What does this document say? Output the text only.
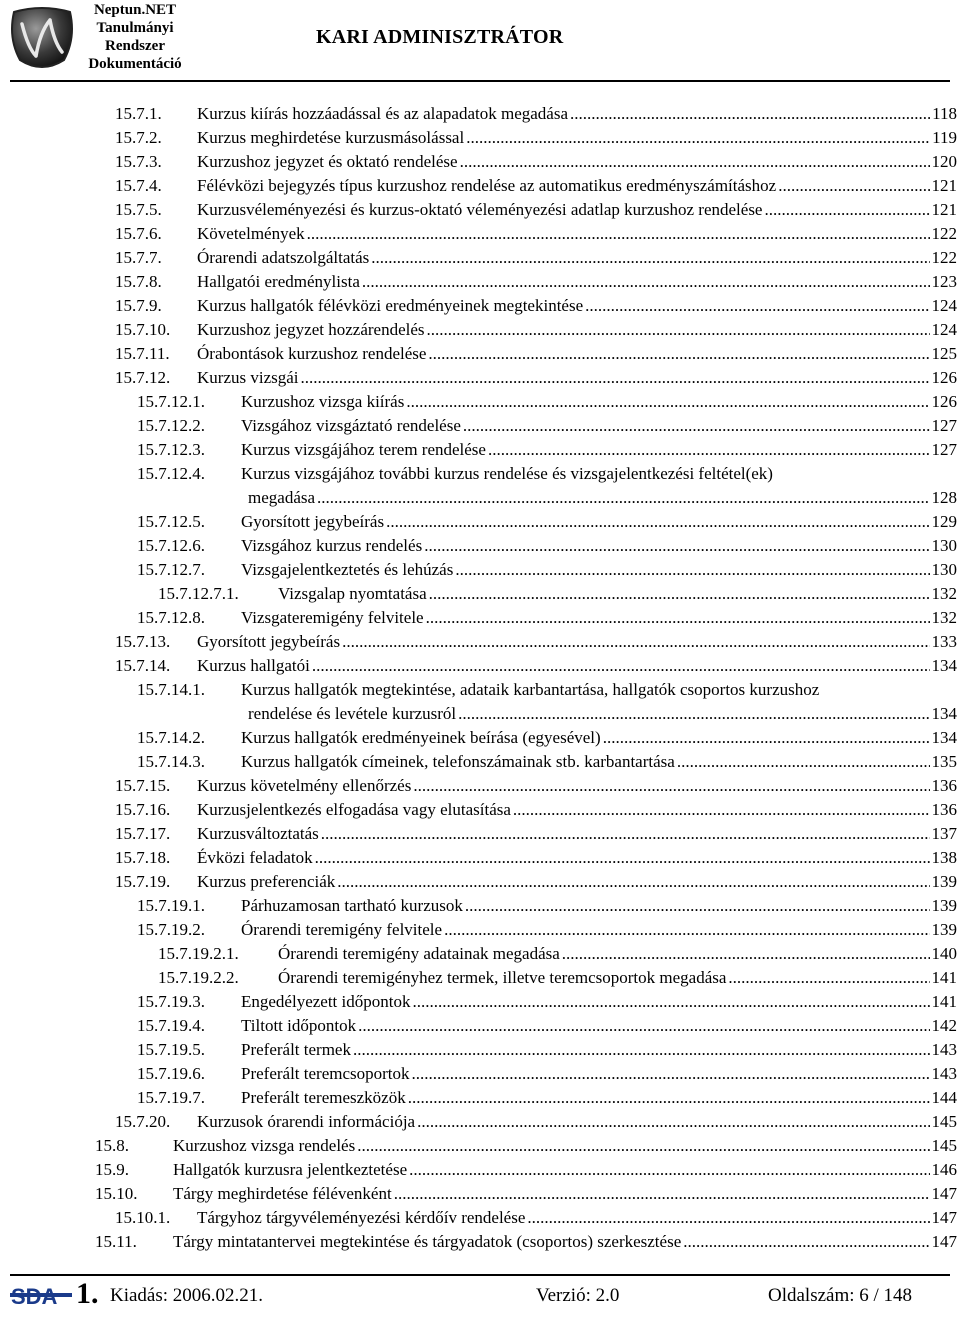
Neptun.NET
Tanulmányi
Rendszer
Dokumentáció
KARI ADMINISZTRÁTOR
15.7.1. Kurzus kiírás hozzáadással és az alapadatok megadása .....	118
15.7.2. Kurzus meghirdetése kurzusmásolással .....	119
15.7.3. Kurzushoz jegyzet és oktató rendelése .....	120
15.7.4. Félévközi bejegyzés típus kurzushoz rendelése az automatikus eredményszámításhoz .....	121
15.7.5. Kurzusvéleményezési és kurzus-oktató véleményezési adatlap kurzushoz rendelése .....	121
15.7.6. Követelmények .....	122
15.7.7. Órarendi adatszolgáltatás .....	122
15.7.8. Hallgatói eredménylista .....	123
15.7.9. Kurzus hallgatók félévközi eredményeinek megtekintése .....	124
15.7.10. Kurzushoz jegyzet hozzárendelés .....	124
15.7.11. Órabontások kurzushoz rendelése .....	125
15.7.12. Kurzus vizsgái .....	126
15.7.12.1. Kurzushoz vizsga kiírás .....	126
15.7.12.2. Vizsgához vizsgáztató rendelése .....	127
15.7.12.3. Kurzus vizsgájához terem rendelése .....	127
15.7.12.4. Kurzus vizsgájához további kurzus rendelése és vizsgajelentkezési feltétel(ek)
megadása .....	128
15.7.12.5. Gyorsított jegybeírás .....	129
15.7.12.6. Vizsgához kurzus rendelés .....	130
15.7.12.7. Vizsgajelentkeztetés és lehúzás .....	130
15.7.12.7.1. Vizsgalap nyomtatása .....	132
15.7.12.8. Vizsgateremigény felvitele .....	132
15.7.13. Gyorsított jegybeírás .....	133
15.7.14. Kurzus hallgatói .....	134
15.7.14.1. Kurzus hallgatók megtekintése, adataik karbantartása, hallgatók csoportos kurzushoz
rendelése és levétele kurzusról .....	134
15.7.14.2. Kurzus hallgatók eredményeinek beírása (egyesével) .....	134
15.7.14.3. Kurzus hallgatók címeinek, telefonszámainak stb. karbantartása .....	135
15.7.15. Kurzus követelmény ellenőrzés .....	136
15.7.16. Kurzusjelentkezés elfogadása vagy elutasítása .....	136
15.7.17. Kurzusváltoztatás .....	137
15.7.18. Évközi feladatok .....	138
15.7.19. Kurzus preferenciák .....	139
15.7.19.1. Párhuzamosan tartható kurzusok .....	139
15.7.19.2. Órarendi teremigény felvitele .....	139
15.7.19.2.1. Órarendi teremigény adatainak megadása .....	140
15.7.19.2.2. Órarendi teremigényhez termek, illetve teremcsoportok megadása .....	141
15.7.19.3. Engedélyezett időpontok .....	141
15.7.19.4. Tiltott időpontok .....	142
15.7.19.5. Preferált termek .....	143
15.7.19.6. Preferált teremcsoportok .....	143
15.7.19.7. Preferált teremeszközök .....	144
15.7.20. Kurzusok órarendi információja .....	145
15.8.	Kurzushoz vizsga rendelés .....	145
15.9.	Hallgatók kurzusra jelentkeztetése .....	146
15.10. Tárgy meghirdetése félévenként .....	147
15.10.1. Tárgyhoz tárgyvéleményezési kérdőív rendelése .....	147
15.11. Tárgy mintatantervei megtekintése és tárgyadatok (csoportos) szerkesztése .....	147
SDA 1. Kiadás: 2006.02.21.	Verzió: 2.0	Oldalszám: 6 / 148
